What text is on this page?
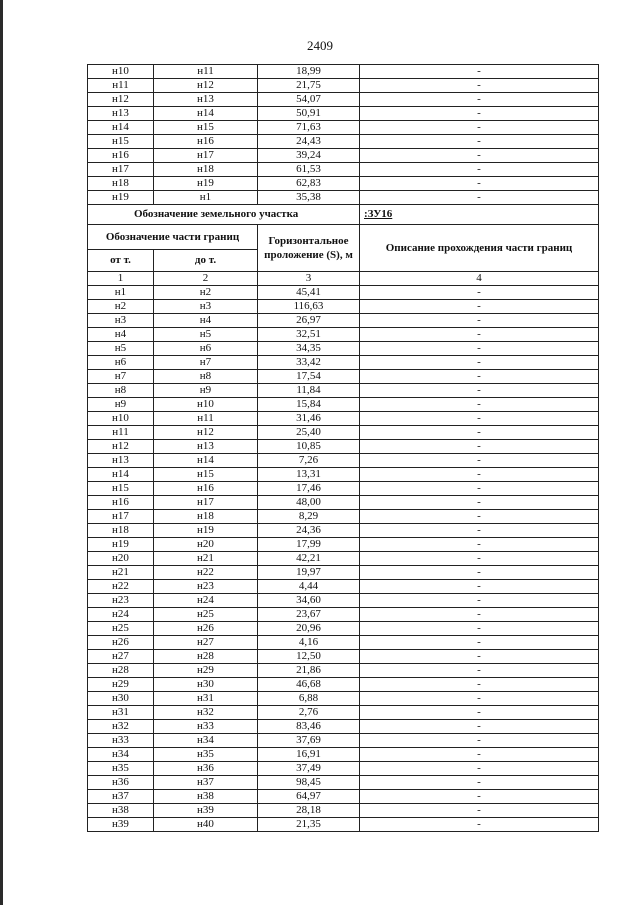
2409
н10	н11	18,99	-
н11	н12	21,75	-
н12	н13	54,07	-
н13	н14	50,91	-
н14	н15	71,63	-
н15	н16	24,43	-
н16	н17	39,24	-
н17	н18	61,53	-
н18	н19	62,83	-
н19	н1	35,38	-
Обозначение земельного участка			:ЗУ16
Обозначение части границ		Горизонтальное проложение (S), м	Описание прохождения части границ
от т.	до т.		
1	2	3	4
н1	н2	45,41	-
н2	н3	116,63	-
н3	н4	26,97	-
н4	н5	32,51	-
н5	н6	34,35	-
н6	н7	33,42	-
н7	н8	17,54	-
н8	н9	11,84	-
н9	н10	15,84	-
н10	н11	31,46	-
н11	н12	25,40	-
н12	н13	10,85	-
н13	н14	7,26	-
н14	н15	13,31	-
н15	н16	17,46	-
н16	н17	48,00	-
н17	н18	8,29	-
н18	н19	24,36	-
н19	н20	17,99	-
н20	н21	42,21	-
н21	н22	19,97	-
н22	н23	4,44	-
н23	н24	34,60	-
н24	н25	23,67	-
н25	н26	20,96	-
н26	н27	4,16	-
н27	н28	12,50	-
н28	н29	21,86	-
н29	н30	46,68	-
н30	н31	6,88	-
н31	н32	2,76	-
н32	н33	83,46	-
н33	н34	37,69	-
н34	н35	16,91	-
н35	н36	37,49	-
н36	н37	98,45	-
н37	н38	64,97	-
н38	н39	28,18	-
н39	н40	21,35	-
